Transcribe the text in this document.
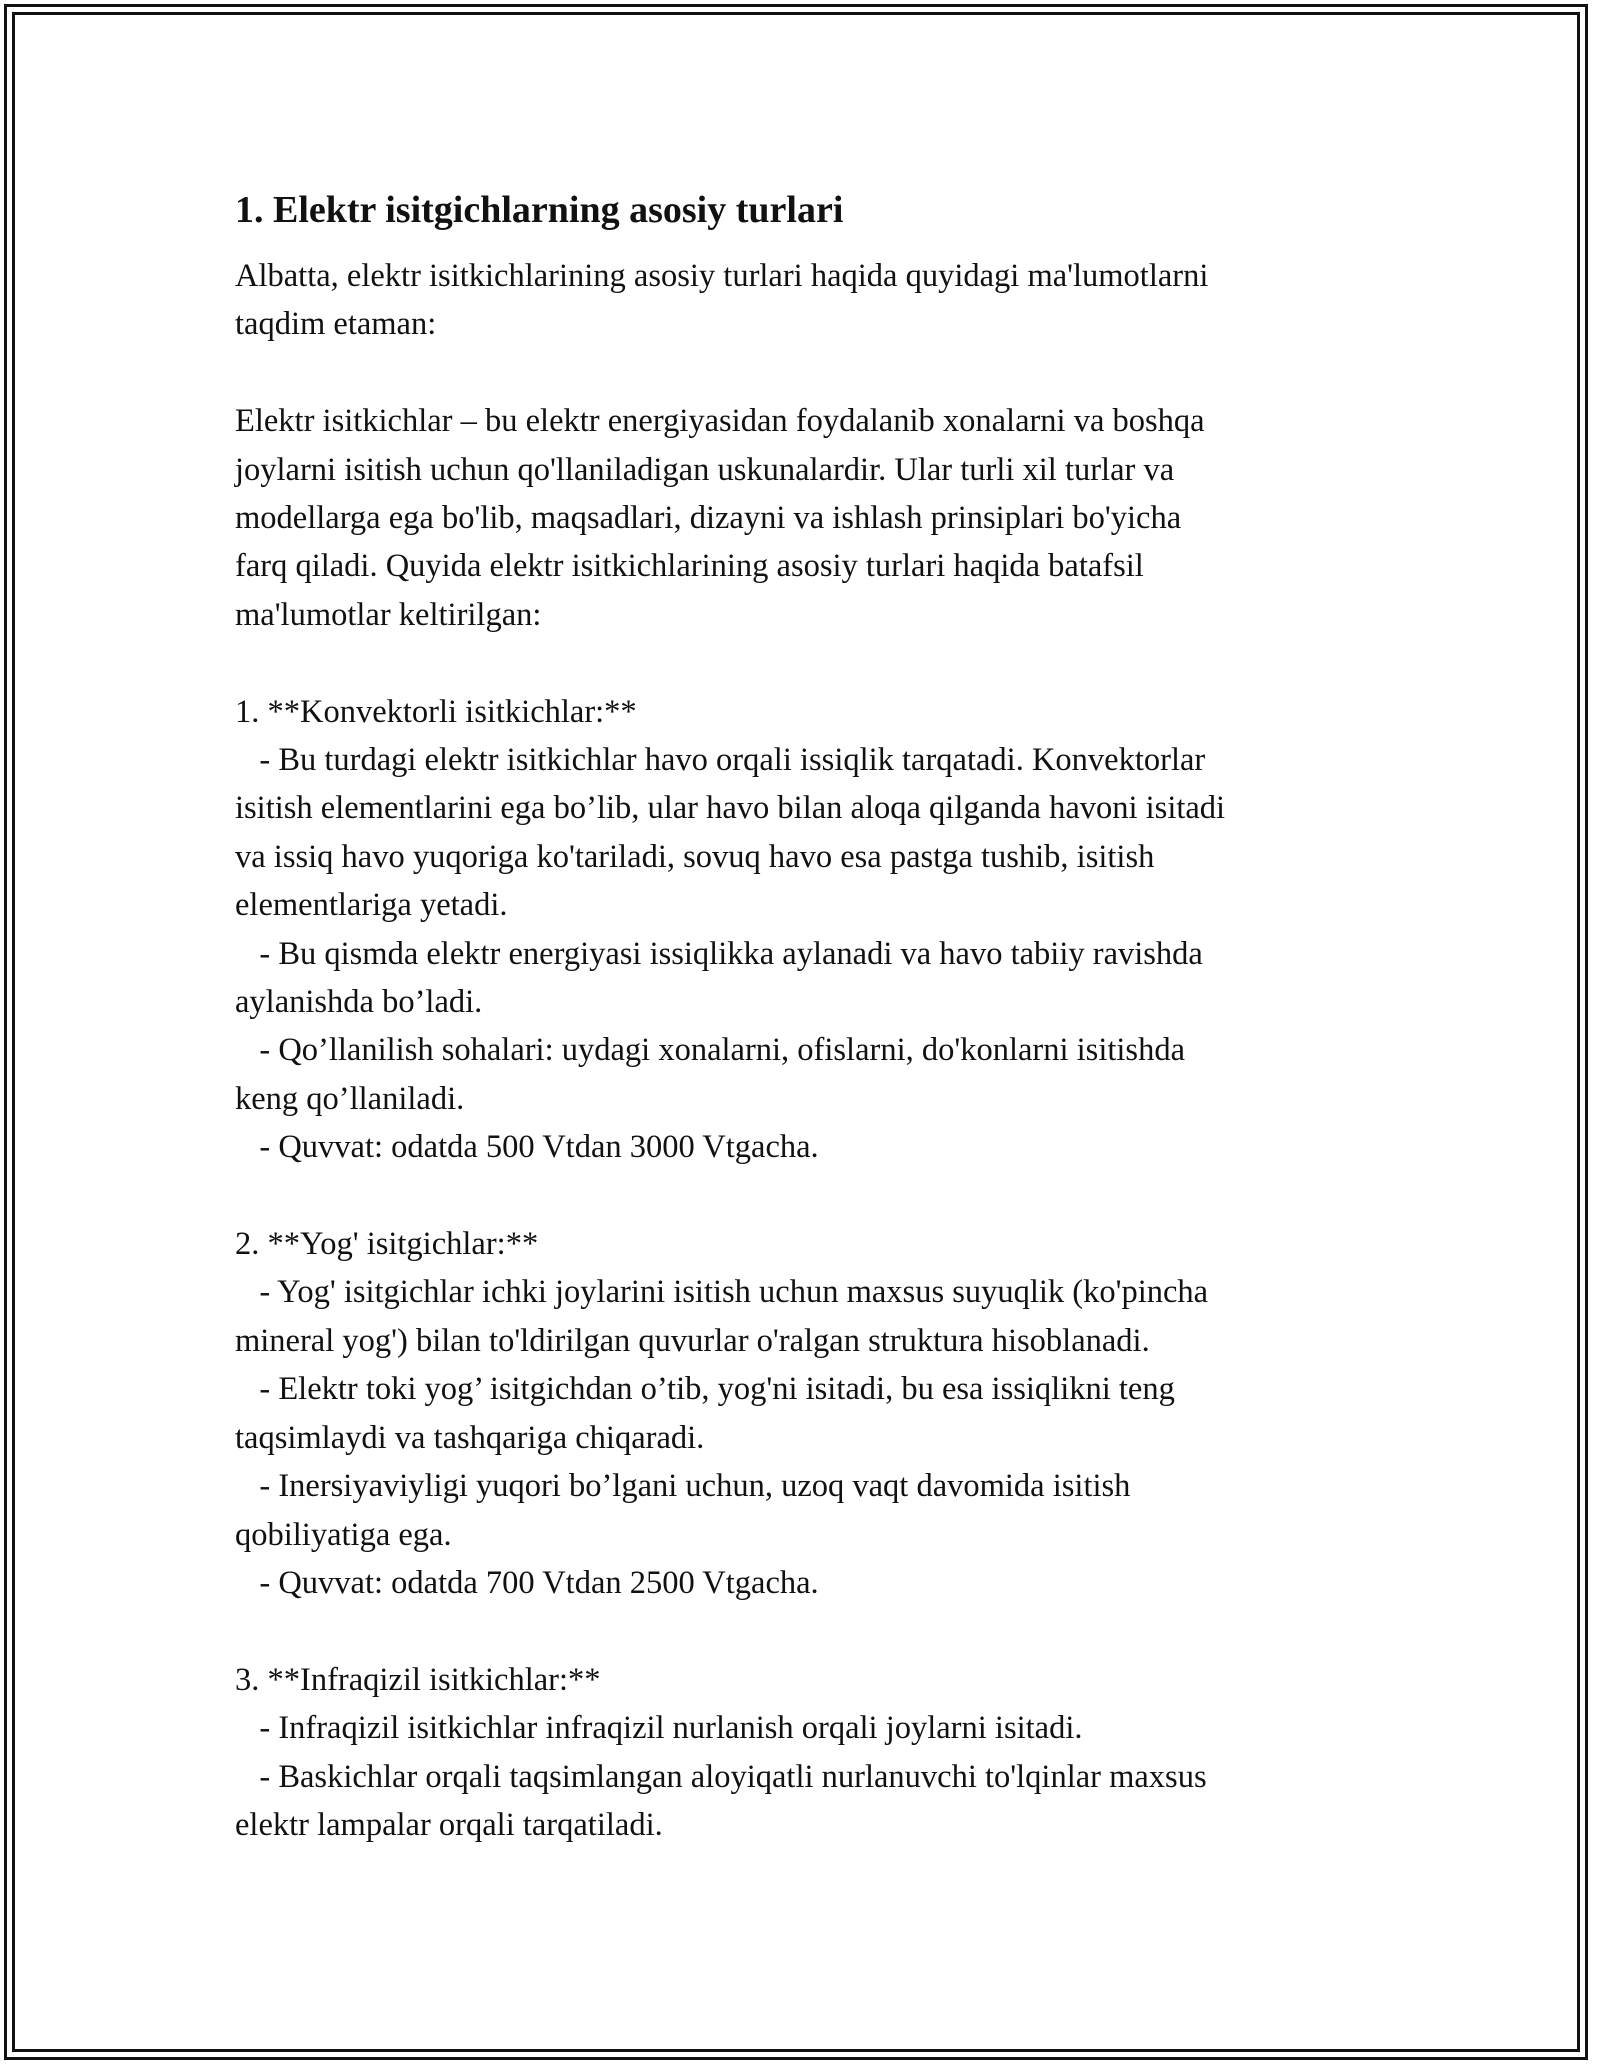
1. Elektr isitgichlarning asosiy turlari

Albatta, elektr isitkichlarining asosiy turlari haqida quyidagi ma'lumotlarni

taqdim etaman:

Elektr isitkichlar – bu elektr energiyasidan foydalanib xonalarni va boshqa

joylarni isitish uchun qo'llaniladigan uskunalardir. Ular turli xil turlar va

modellarga ega bo'lib, maqsadlari, dizayni va ishlash prinsiplari bo'yicha

farq qiladi. Quyida elektr isitkichlarining asosiy turlari haqida batafsil

ma'lumotlar keltirilgan:

1. **Konvektorli isitkichlar:**

- Bu turdagi elektr isitkichlar havo orqali issiqlik tarqatadi. Konvektorlar

isitish elementlarini ega bo’lib, ular havo bilan aloqa qilganda havoni isitadi

va issiq havo yuqoriga ko'tariladi, sovuq havo esa pastga tushib, isitish

elementlariga yetadi.

- Bu qismda elektr energiyasi issiqlikka aylanadi va havo tabiiy ravishda

aylanishda bo’ladi.

- Qo’llanilish sohalari: uydagi xonalarni, ofislarni, do'konlarni isitishda

keng qo’llaniladi.

- Quvvat: odatda 500 Vtdan 3000 Vtgacha.

2. **Yog' isitgichlar:**

- Yog' isitgichlar ichki joylarini isitish uchun maxsus suyuqlik (ko'pincha

mineral yog') bilan to'ldirilgan quvurlar o'ralgan struktura hisoblanadi.

- Elektr toki yog’ isitgichdan o’tib, yog'ni isitadi, bu esa issiqlikni teng

taqsimlaydi va tashqariga chiqaradi.

- Inersiyaviyligi yuqori bo’lgani uchun, uzoq vaqt davomida isitish

qobiliyatiga ega.

- Quvvat: odatda 700 Vtdan 2500 Vtgacha.

3. **Infraqizil isitkichlar:**

- Infraqizil isitkichlar infraqizil nurlanish orqali joylarni isitadi.

- Baskichlar orqali taqsimlangan aloyiqatli nurlanuvchi to'lqinlar maxsus

elektr lampalar orqali tarqatiladi.
